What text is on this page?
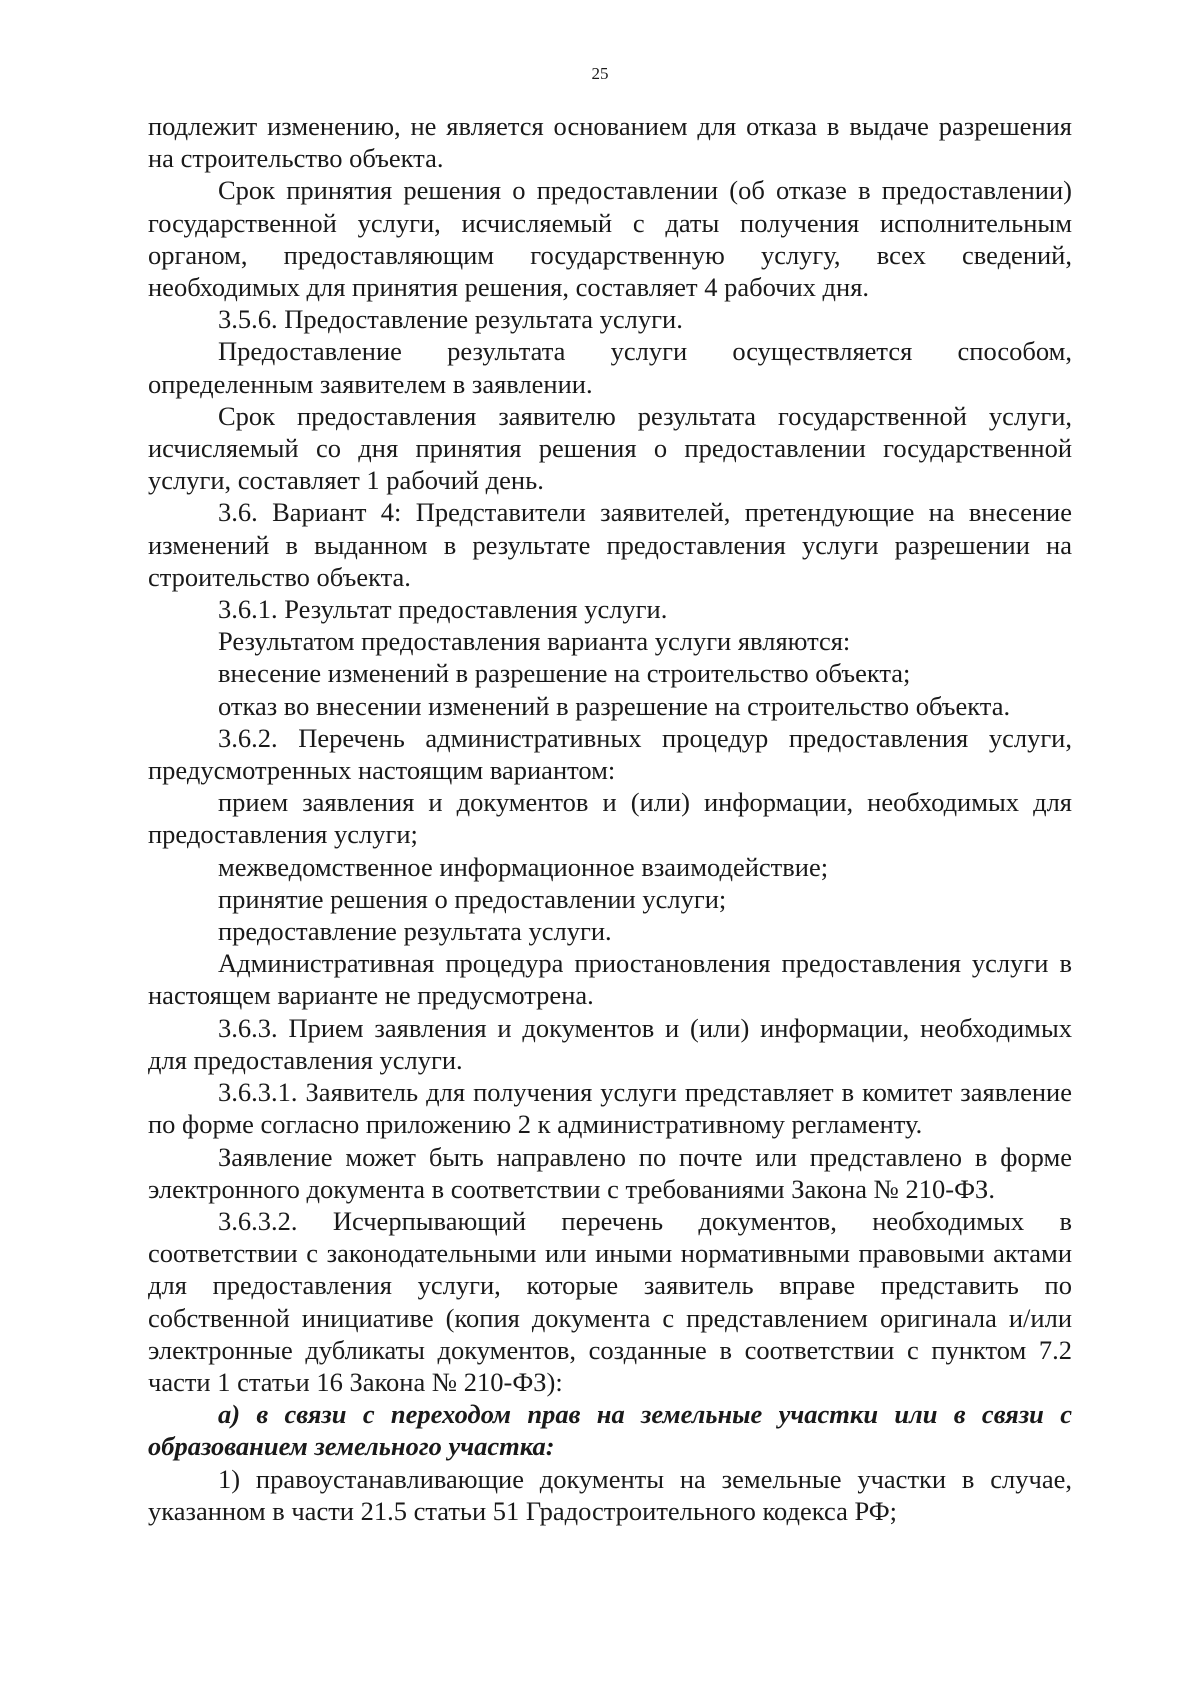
25

подлежит изменению, не является основанием для отказа в выдаче разрешения на строительство объекта.

Срок принятия решения о предоставлении (об отказе в предоставлении) государственной услуги, исчисляемый с даты получения исполнительным органом, предоставляющим государственную услугу, всех сведений, необходимых для принятия решения, составляет 4 рабочих дня.

3.5.6. Предоставление результата услуги.

Предоставление результата услуги осуществляется способом, определенным заявителем в заявлении.

Срок предоставления заявителю результата государственной услуги, исчисляемый со дня принятия решения о предоставлении государственной услуги, составляет 1 рабочий день.

3.6. Вариант 4: Представители заявителей, претендующие на внесение изменений в выданном в результате предоставления услуги разрешении на строительство объекта.

3.6.1. Результат предоставления услуги.

Результатом предоставления варианта услуги являются:

внесение изменений в разрешение на строительство объекта;

отказ во внесении изменений в разрешение на строительство объекта.

3.6.2. Перечень административных процедур предоставления услуги, предусмотренных настоящим вариантом:

прием заявления и документов и (или) информации, необходимых для предоставления услуги;

межведомственное информационное взаимодействие;

принятие решения о предоставлении услуги;

предоставление результата услуги.

Административная процедура приостановления предоставления услуги в настоящем варианте не предусмотрена.

3.6.3. Прием заявления и документов и (или) информации, необходимых для предоставления услуги.

3.6.3.1. Заявитель для получения услуги представляет в комитет заявление по форме согласно приложению 2 к административному регламенту.

Заявление может быть направлено по почте или представлено в форме электронного документа в соответствии с требованиями Закона № 210-ФЗ.

3.6.3.2. Исчерпывающий перечень документов, необходимых в соответствии с законодательными или иными нормативными правовыми актами для предоставления услуги, которые заявитель вправе представить по собственной инициативе (копия документа с представлением оригинала и/или электронные дубликаты документов, созданные в соответствии с пунктом 7.2 части 1 статьи 16 Закона № 210-ФЗ):

а) в связи с переходом прав на земельные участки или в связи с образованием земельного участка:

1) правоустанавливающие документы на земельные участки в случае, указанном в части 21.5 статьи 51 Градостроительного кодекса РФ;
